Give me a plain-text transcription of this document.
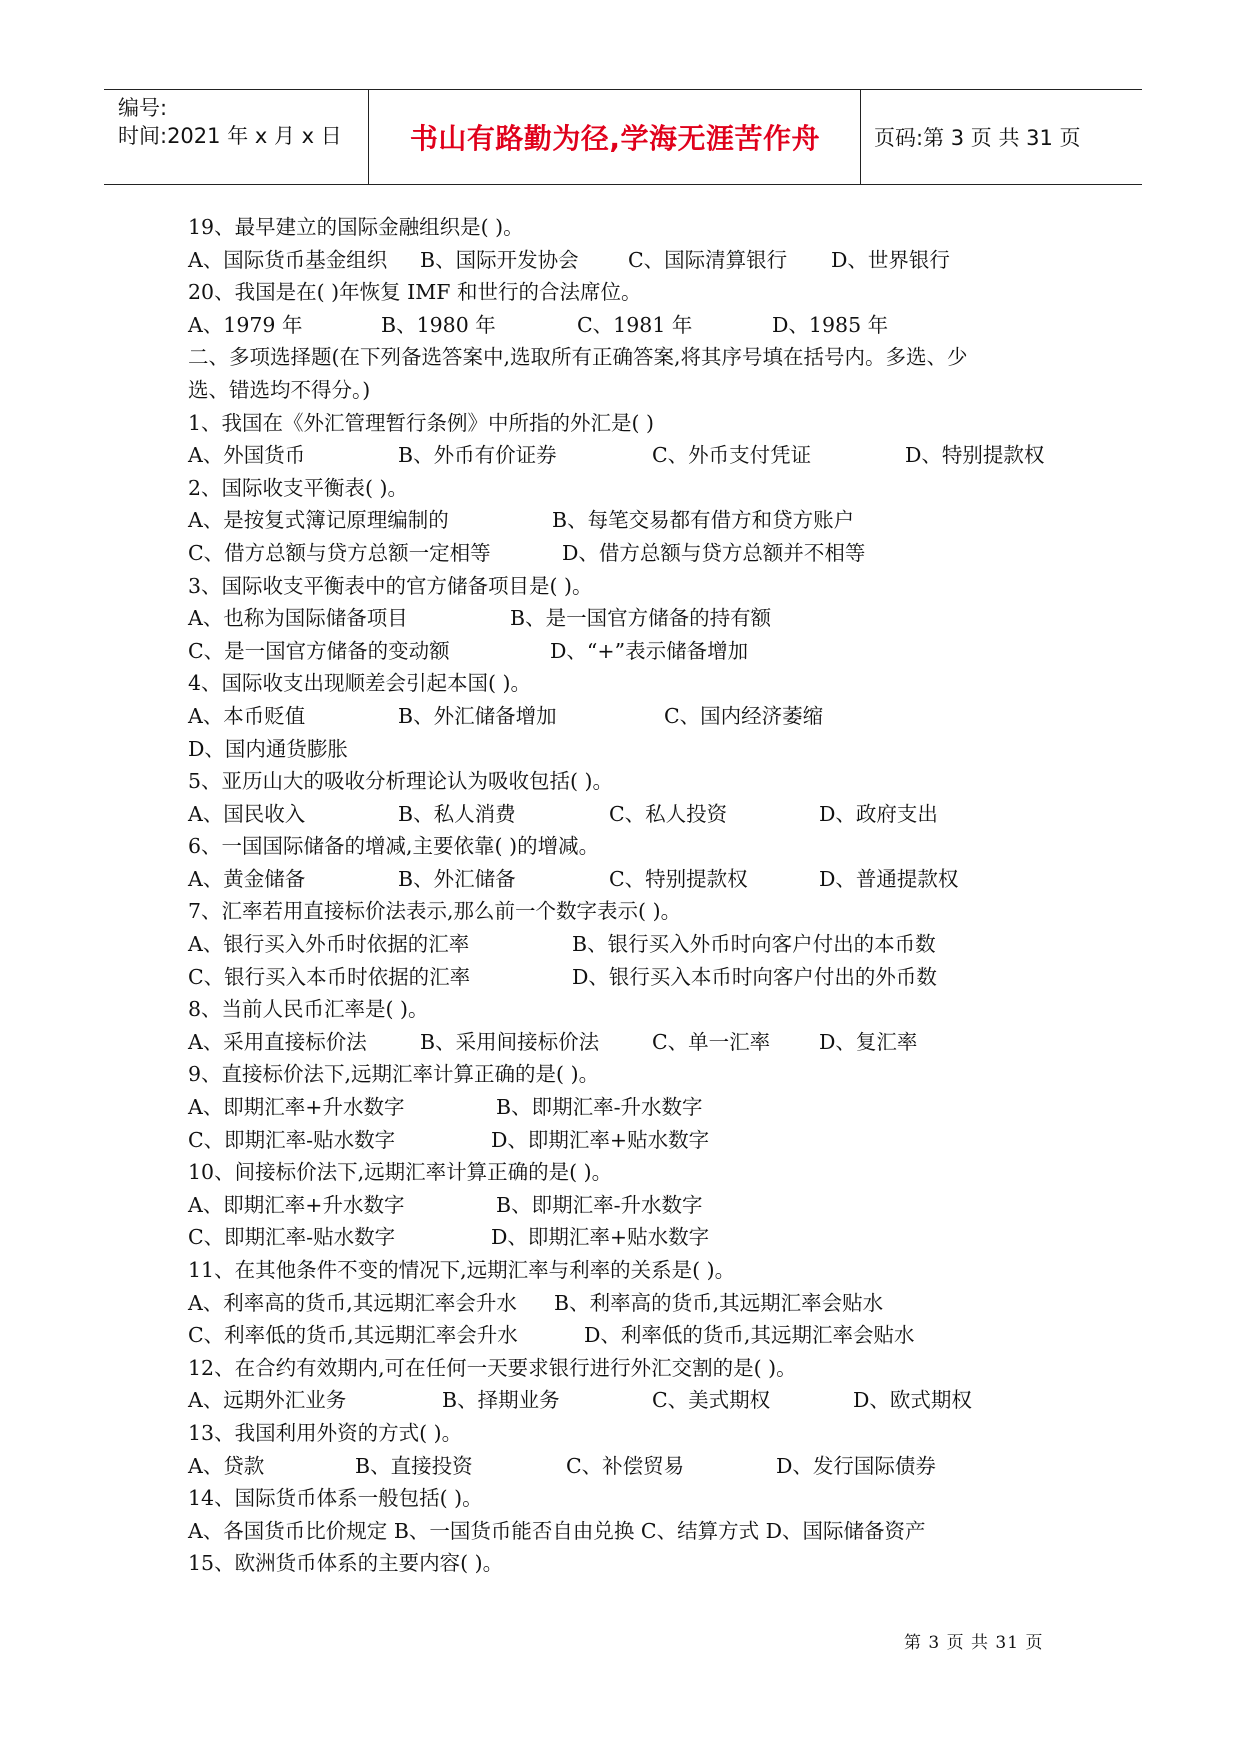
编号:
时间:2021 年 x 月 x 日	书山有路勤为径,学海无涯苦作舟	页码:第 3 页 共 31 页
19、最早建立的国际金融组织是( )。
A、国际货币基金组织 B、国际开发协会 C、国际清算银行 D、世界银行
20、我国是在( )年恢复 IMF 和世行的合法席位。
A、1979 年	B、1980 年	C、1981 年	D、1985 年
二、多项选择题(在下列备选答案中,选取所有正确答案,将其序号填在括号内。多选、少
选、错选均不得分。)
1、我国在《外汇管理暂行条例》中所指的外汇是( )
A、外国货币	B、外币有价证券	C、外币支付凭证	D、特别提款权
2、国际收支平衡表( )。
A、是按复式簿记原理编制的	B、每笔交易都有借方和贷方账户
C、借方总额与贷方总额一定相等	D、借方总额与贷方总额并不相等
3、国际收支平衡表中的官方储备项目是( )。
A、也称为国际储备项目	B、是一国官方储备的持有额
C、是一国官方储备的变动额	D、“+”表示储备增加
4、国际收支出现顺差会引起本国( )。
A、本币贬值	B、外汇储备增加	C、国内经济萎缩
D、国内通货膨胀
5、亚历山大的吸收分析理论认为吸收包括( )。
A、国民收入	B、私人消费	C、私人投资	D、政府支出
6、一国国际储备的增减,主要依靠( )的增减。
A、黄金储备	B、外汇储备	C、特别提款权	D、普通提款权
7、汇率若用直接标价法表示,那么前一个数字表示( )。
A、银行买入外币时依据的汇率	B、银行买入外币时向客户付出的本币数
C、银行买入本币时依据的汇率	D、银行买入本币时向客户付出的外币数
8、当前人民币汇率是( )。
A、采用直接标价法	B、采用间接标价法	C、单一汇率 D、复汇率
9、直接标价法下,远期汇率计算正确的是( )。
A、即期汇率+升水数字	B、即期汇率-升水数字
C、即期汇率-贴水数字	D、即期汇率+贴水数字
10、间接标价法下,远期汇率计算正确的是( )。
A、即期汇率+升水数字	B、即期汇率-升水数字
C、即期汇率-贴水数字	D、即期汇率+贴水数字
11、在其他条件不变的情况下,远期汇率与利率的关系是( )。
A、利率高的货币,其远期汇率会升水 B、利率高的货币,其远期汇率会贴水
C、利率低的货币,其远期汇率会升水	D、利率低的货币,其远期汇率会贴水
12、在合约有效期内,可在任何一天要求银行进行外汇交割的是( )。
A、远期外汇业务	B、择期业务	C、美式期权	D、欧式期权
13、我国利用外资的方式( )。
A、贷款	B、直接投资	C、补偿贸易	D、发行国际债券
14、国际货币体系一般包括( )。
A、各国货币比价规定 B、一国货币能否自由兑换 C、结算方式 D、国际储备资产
15、欧洲货币体系的主要内容( )。
第 3 页 共 31 页
